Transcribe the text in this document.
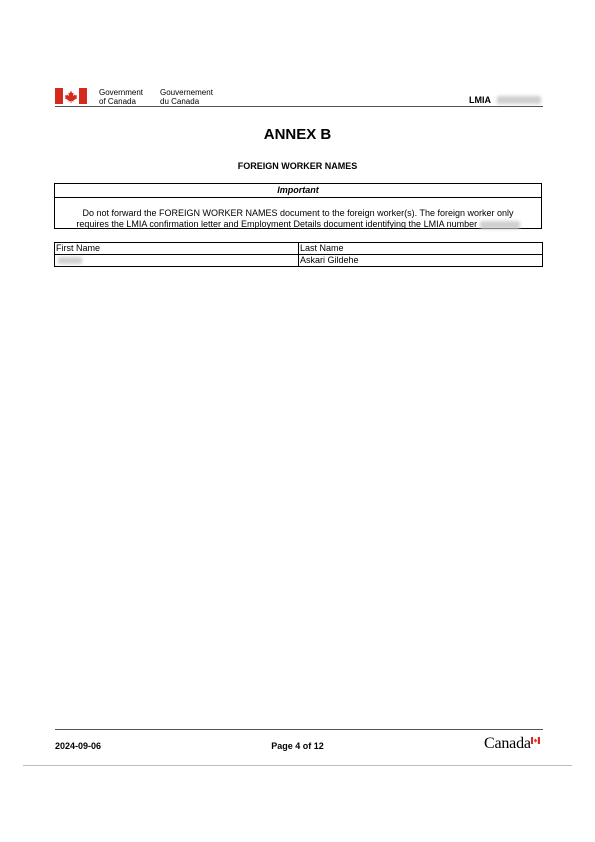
Government
of Canada
Gouvernement
du Canada	LMIA
ANNEX B
FOREIGN WORKER NAMES
Important
Do not forward the FOREIGN WORKER NAMES document to the foreign worker(s). The foreign worker only
requires the LMIA confirmation letter and Employment Details document identifying the LMIA number
First Name	Last Name
	Askari Gildehe
2024-09-06	Page 4 of 12	Canada
